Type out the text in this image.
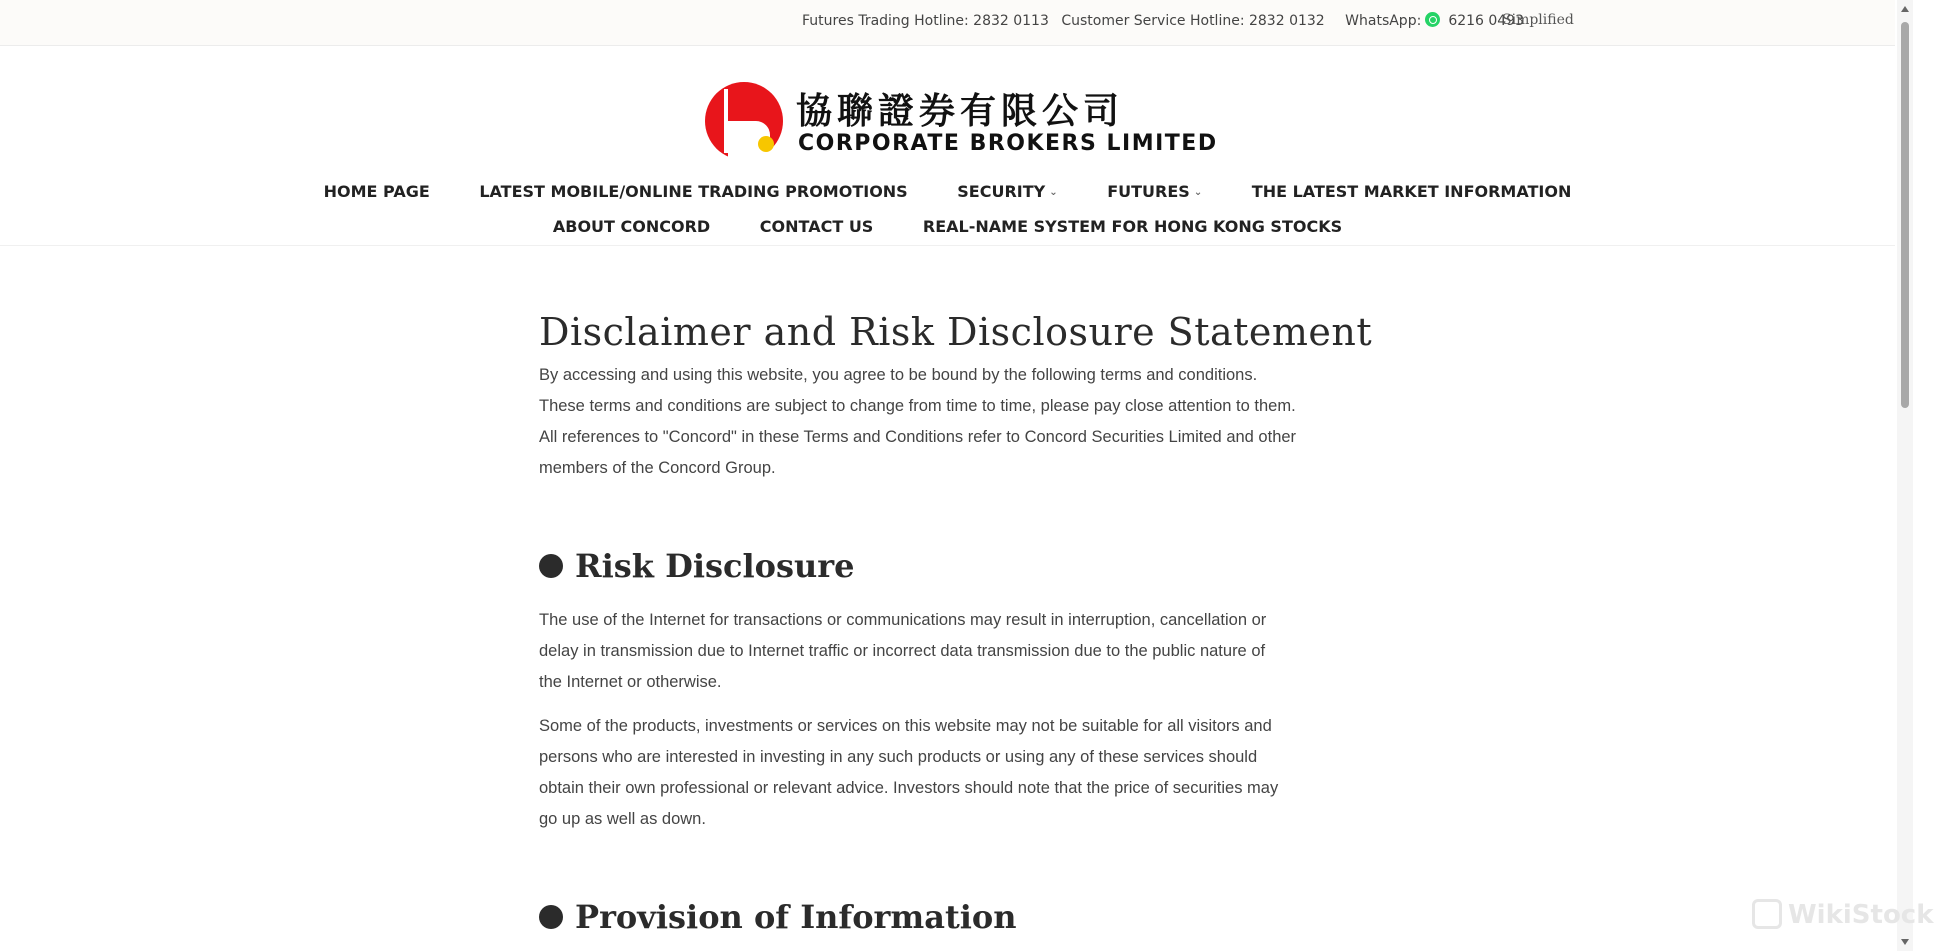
Futures Trading Hotline: 2832 0113 Customer Service Hotline: 2832 0132 WhatsApp: 6216 0493
Simplified
協聯證券有限公司
CORPORATE BROKERS LIMITED
HOME PAGE	LATEST MOBILE/ONLINE TRADING PROMOTIONS	SECURITY ⌄	FUTURES ⌄	THE LATEST MARKET INFORMATION
ABOUT CONCORD	CONTACT US	REAL-NAME SYSTEM FOR HONG KONG STOCKS
Disclaimer and Risk Disclosure Statement
By accessing and using this website, you agree to be bound by the following terms and conditions.
These terms and conditions are subject to change from time to time, please pay close attention to them.
All references to "Concord" in these Terms and Conditions refer to Concord Securities Limited and other
members of the Concord Group.
Risk Disclosure
The use of the Internet for transactions or communications may result in interruption, cancellation or
delay in transmission due to Internet traffic or incorrect data transmission due to the public nature of
the Internet or otherwise.
Some of the products, investments or services on this website may not be suitable for all visitors and
persons who are interested in investing in any such products or using any of these services should
obtain their own professional or relevant advice. Investors should note that the price of securities may
go up as well as down.
Provision of Information	WikiStock
